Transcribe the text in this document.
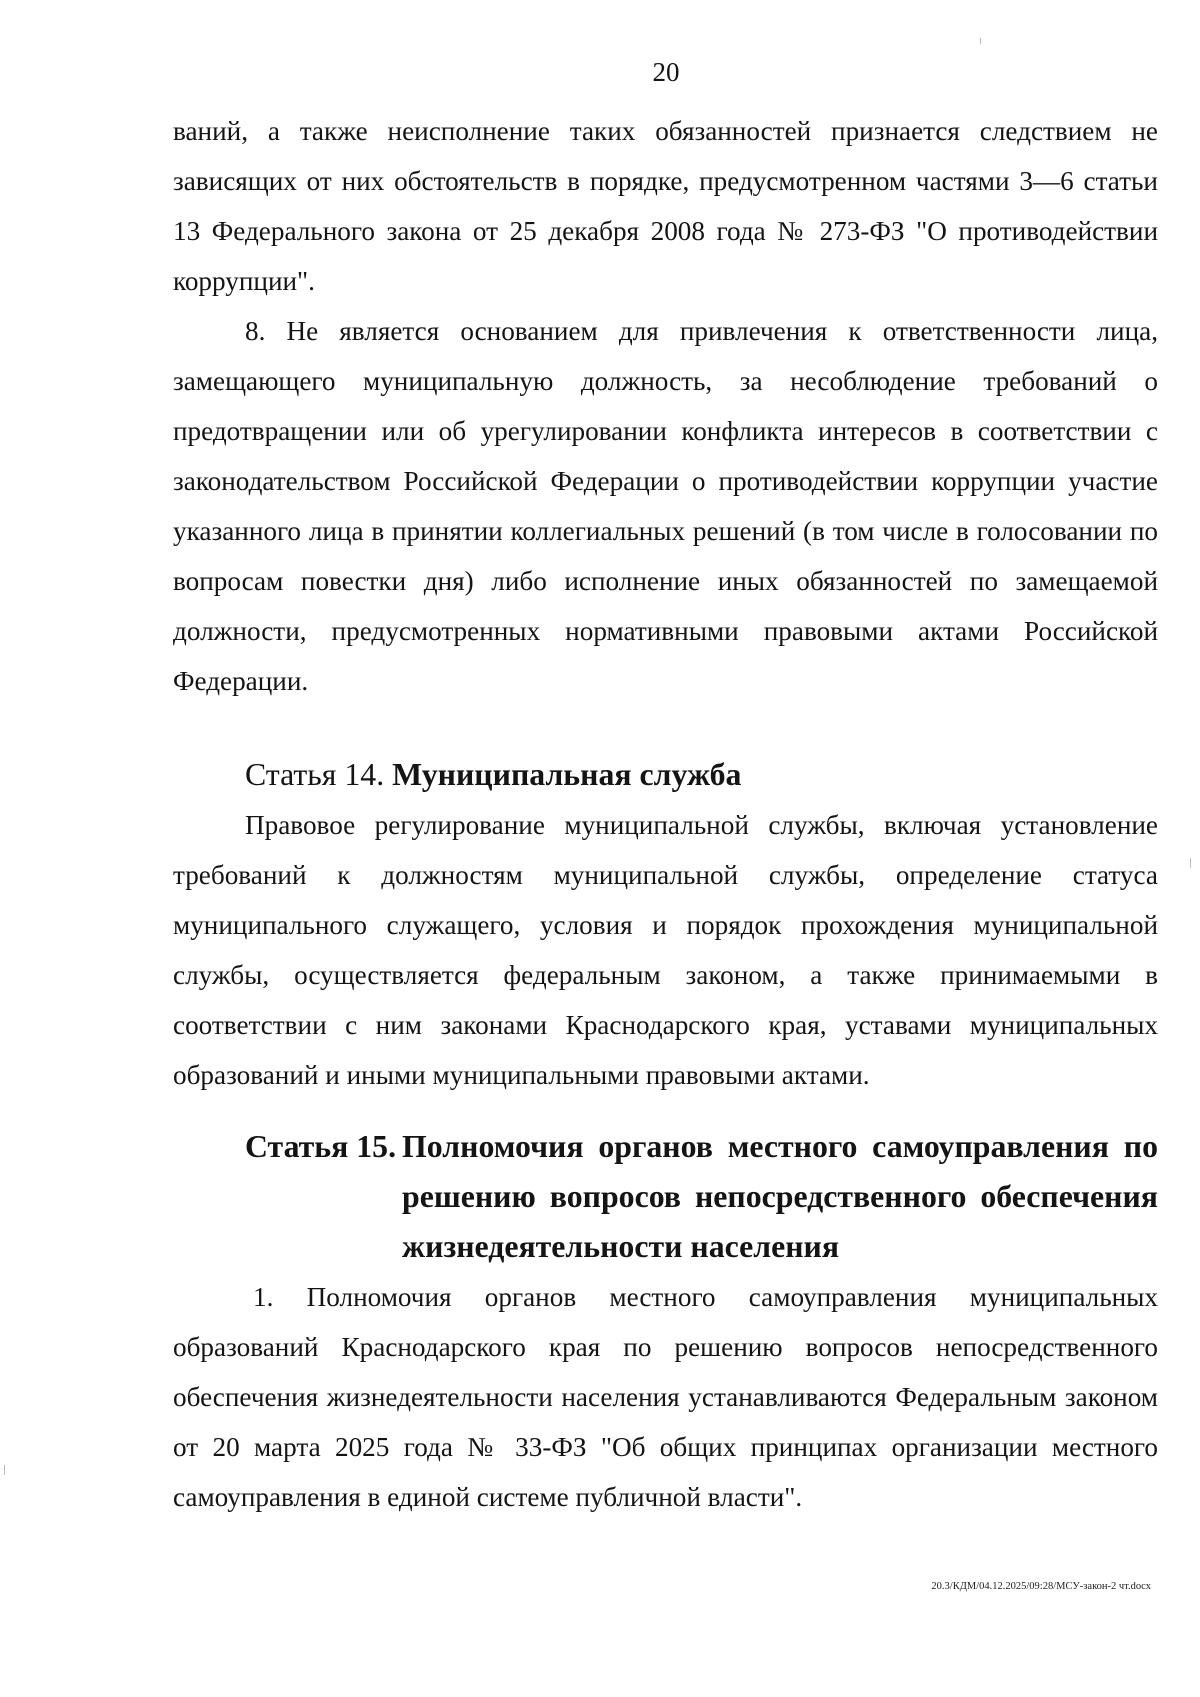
20

ваний, а также неисполнение таких обязанностей признается следствием не зависящих от них обстоятельств в порядке, предусмотренном частями 3—6 статьи 13 Федерального закона от 25 декабря 2008 года № 273-ФЗ "О противодействии коррупции".

8. Не является основанием для привлечения к ответственности лица, замещающего муниципальную должность, за несоблюдение требований о предотвращении или об урегулировании конфликта интересов в соответствии с законодательством Российской Федерации о противодействии коррупции участие указанного лица в принятии коллегиальных решений (в том числе в голосовании по вопросам повестки дня) либо исполнение иных обязанностей по замещаемой должности, предусмотренных нормативными правовыми актами Российской Федерации.

Статья 14. Муниципальная служба

Правовое регулирование муниципальной службы, включая установление требований к должностям муниципальной службы, определение статуса муниципального служащего, условия и порядок прохождения муниципальной службы, осуществляется федеральным законом, а также принимаемыми в соответствии с ним законами Краснодарского края, уставами муниципальных образований и иными муниципальными правовыми актами.

Статья 15. Полномочия органов местного самоуправления по решению вопросов непосредственного обеспечения жизнедеятельности населения

1. Полномочия органов местного самоуправления муниципальных образований Краснодарского края по решению вопросов непосредственного обеспечения жизнедеятельности населения устанавливаются Федеральным законом от 20 марта 2025 года № 33-ФЗ "Об общих принципах организации местного самоуправления в единой системе публичной власти".

20.3/КДМ/04.12.2025/09:28/МСУ-закон-2 чт.docx
